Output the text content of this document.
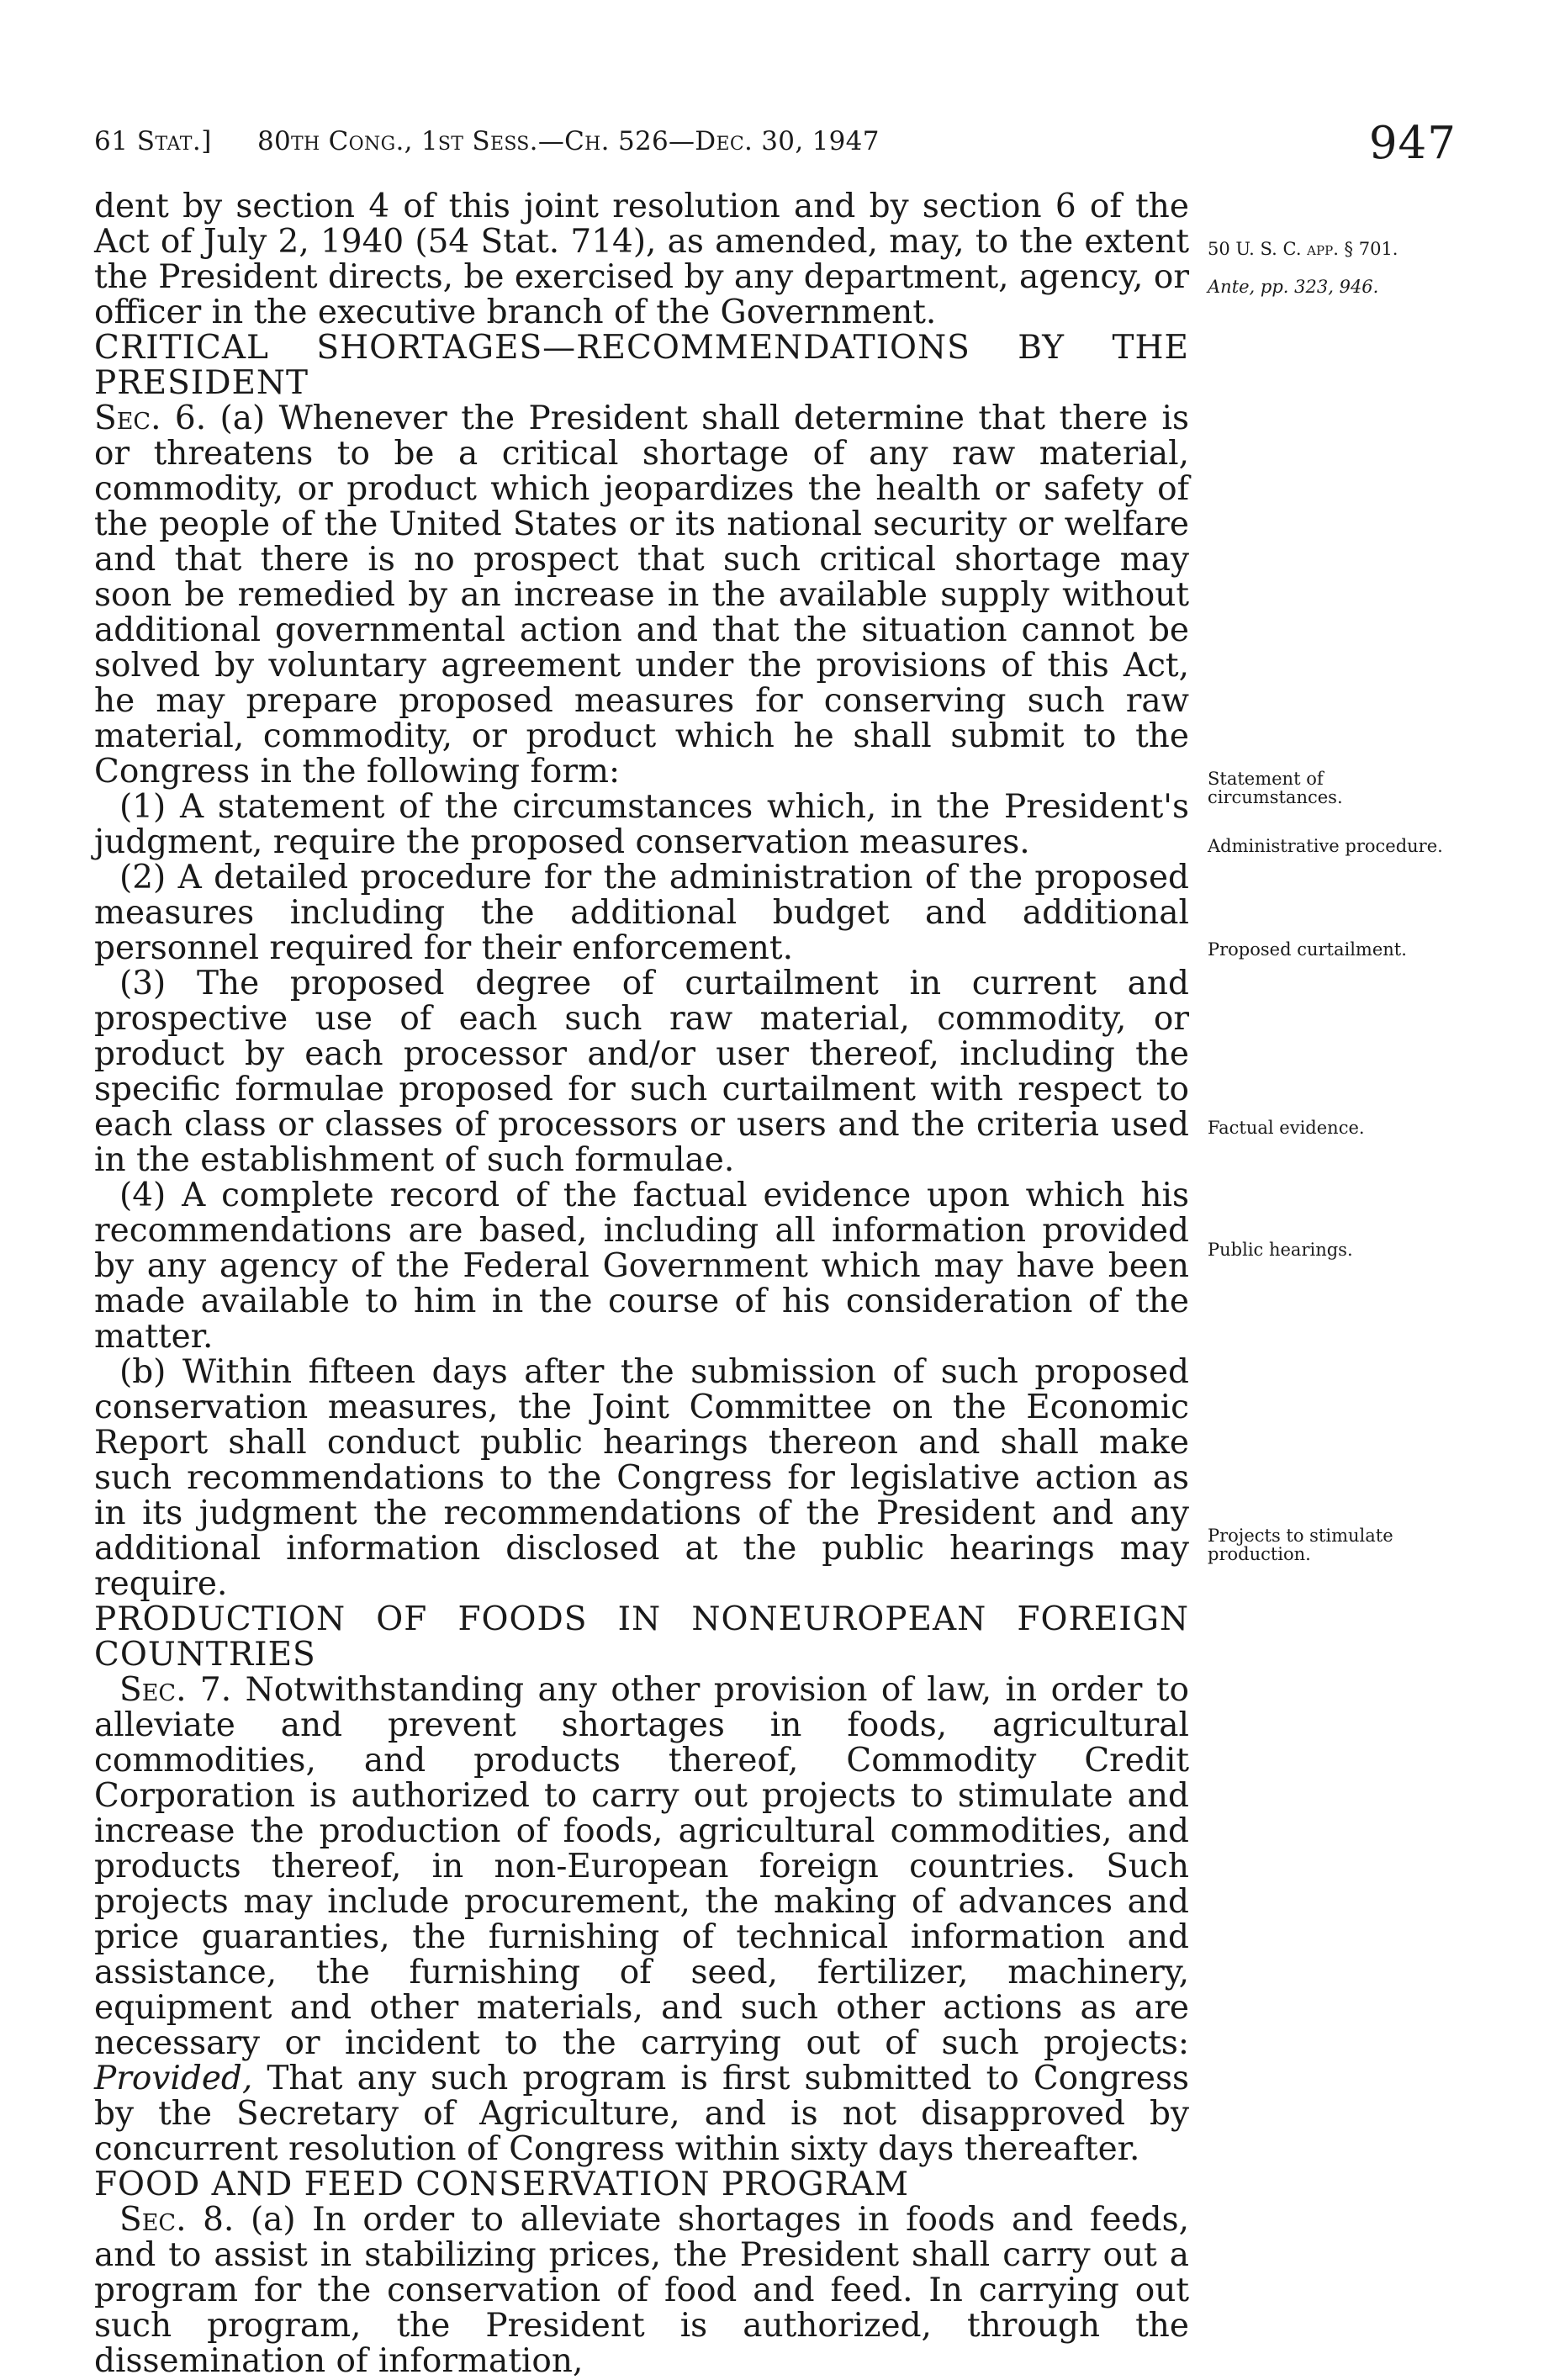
61 Stat.] 80th Cong., 1st Sess.—Ch. 526—Dec. 30, 1947	947

dent by section 4 of this joint resolution and by section 6 of the Act of July 2, 1940 (54 Stat. 714), as amended, may, to the extent the President directs, be exercised by any department, agency, or officer in the executive branch of the Government.

CRITICAL SHORTAGES—RECOMMENDATIONS BY THE PRESIDENT

Sec. 6. (a) Whenever the President shall determine that there is or threatens to be a critical shortage of any raw material, commodity, or product which jeopardizes the health or safety of the people of the United States or its national security or welfare and that there is no prospect that such critical shortage may soon be remedied by an increase in the available supply without additional governmental action and that the situation cannot be solved by voluntary agreement under the provisions of this Act, he may prepare proposed measures for conserving such raw material, commodity, or product which he shall submit to the Congress in the following form:

(1) A statement of the circumstances which, in the President's judgment, require the proposed conservation measures.

(2) A detailed procedure for the administration of the proposed measures including the additional budget and additional personnel required for their enforcement.

(3) The proposed degree of curtailment in current and prospective use of each such raw material, commodity, or product by each processor and/or user thereof, including the specific formulae proposed for such curtailment with respect to each class or classes of processors or users and the criteria used in the establishment of such formulae.

(4) A complete record of the factual evidence upon which his recommendations are based, including all information provided by any agency of the Federal Government which may have been made available to him in the course of his consideration of the matter.

(b) Within fifteen days after the submission of such proposed conservation measures, the Joint Committee on the Economic Report shall conduct public hearings thereon and shall make such recommendations to the Congress for legislative action as in its judgment the recommendations of the President and any additional information disclosed at the public hearings may require.

PRODUCTION OF FOODS IN NONEUROPEAN FOREIGN COUNTRIES

Sec. 7. Notwithstanding any other provision of law, in order to alleviate and prevent shortages in foods, agricultural commodities, and products thereof, Commodity Credit Corporation is authorized to carry out projects to stimulate and increase the production of foods, agricultural commodities, and products thereof, in non-European foreign countries. Such projects may include procurement, the making of advances and price guaranties, the furnishing of technical information and assistance, the furnishing of seed, fertilizer, machinery, equipment and other materials, and such other actions as are necessary or incident to the carrying out of such projects: Provided, That any such program is first submitted to Congress by the Secretary of Agriculture, and is not disapproved by concurrent resolution of Congress within sixty days thereafter.

FOOD AND FEED CONSERVATION PROGRAM

Sec. 8. (a) In order to alleviate shortages in foods and feeds, and to assist in stabilizing prices, the President shall carry out a program for the conservation of food and feed. In carrying out such program, the President is authorized, through the dissemination of information,

50 U. S. C. app. § 701.
Ante, pp. 323, 946.
Statement of circumstances.
Administrative procedure.
Proposed curtailment.
Factual evidence.
Public hearings.
Projects to stimulate production.
